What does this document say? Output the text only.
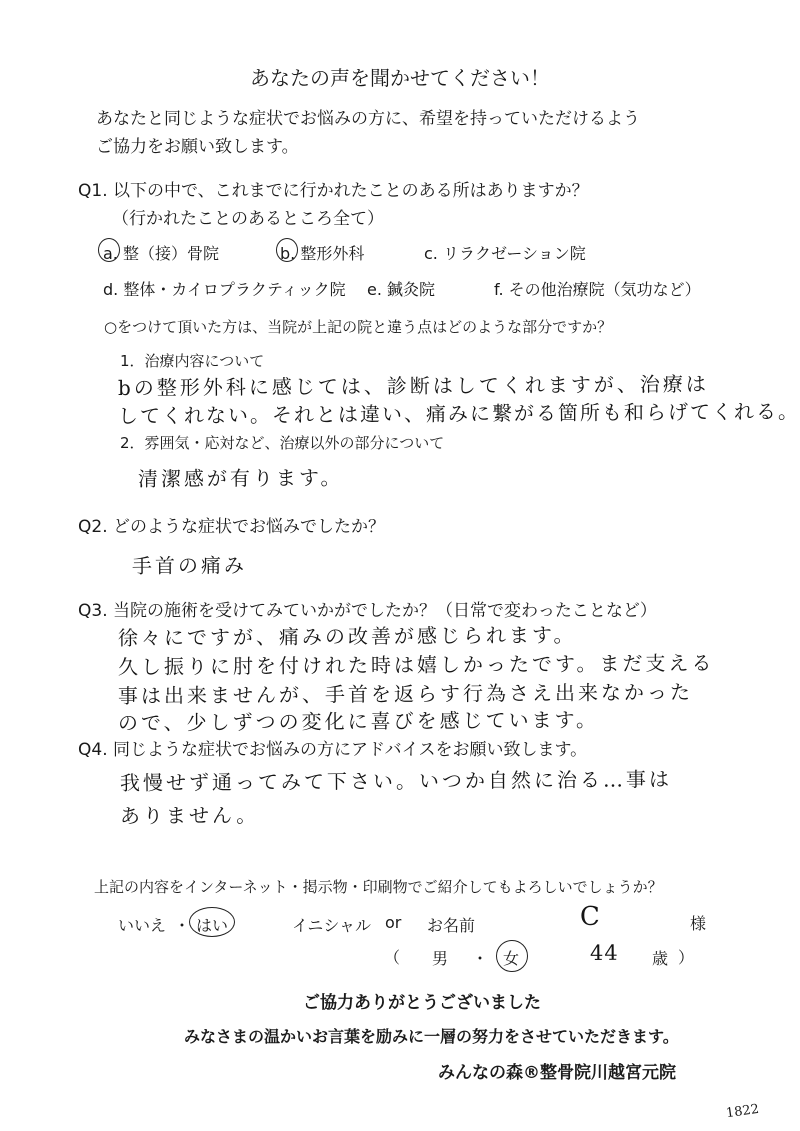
あなたの声を聞かせてください！
あなたと同じような症状でお悩みの方に、希望を持っていただけるよう
ご協力をお願い致します。
Q1. 以下の中で、これまでに行かれたことのある所はありますか？
（行かれたことのあるところ全て）
a. 整（接）骨院	b. 整形外科	c. リラクゼーション院
d. 整体・カイロプラクティック院 e. 鍼灸院	f. その他治療院（気功など）
○をつけて頂いた方は、当院が上記の院と違う点はどのような部分ですか？
1．治療内容について
bの整形外科に感じては、診断はしてくれますが、治療は
してくれない。それとは違い、痛みに繋がる箇所も和らげてくれる。
2．雰囲気・応対など、治療以外の部分について
清潔感が有ります。
Q2. どのような症状でお悩みでしたか？
手首の痛み
Q3. 当院の施術を受けてみていかがでしたか？（日常で変わったことなど）
徐々にですが、痛みの改善が感じられます。
久し振りに肘を付けれた時は嬉しかったです。まだ支える
事は出来ませんが、手首を返らす行為さえ出来なかった
ので、少しずつの変化に喜びを感じています。
Q4. 同じような症状でお悩みの方にアドバイスをお願い致します。
我慢せず通ってみて下さい。いつか自然に治る…事は
ありません。
上記の内容をインターネット・掲示物・印刷物でご紹介してもよろしいでしょうか？
いいえ ・ はい	イニシャル or お名前	C	様
（ 男 ・ 女	44 歳 ）
ご協力ありがとうございました
みなさまの温かいお言葉を励みに一層の努力をさせていただきます。
みんなの森®整骨院川越宮元院
1822
